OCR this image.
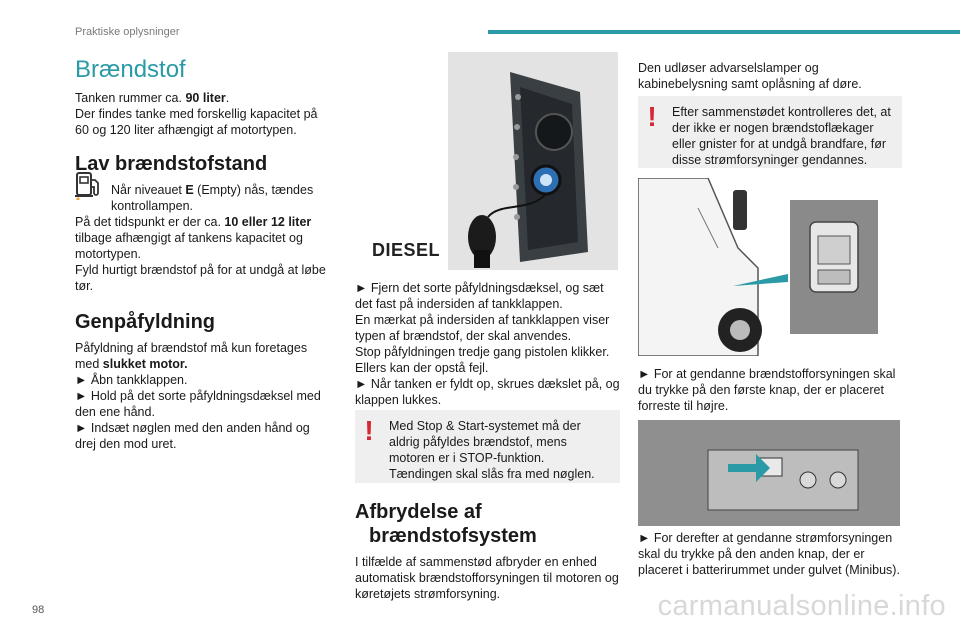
Praktiske oplysninger
98	carmanualsonline.info
Brændstof

Tanken rummer ca. 90 liter.

Der findes tanke med forskellig kapacitet på 60 og 120 liter afhængigt af motortypen.

Lav brændstofstand

Når niveauet E (Empty) nås, tændes kontrollampen.

På det tidspunkt er der ca. 10 eller 12 liter tilbage afhængigt af tankens kapacitet og motortypen.

Fyld hurtigt brændstof på for at undgå at løbe tør.

Genpåfyldning

Påfyldning af brændstof må kun foretages med slukket motor.

► Åbn tankklappen.

► Hold på det sorte påfyldningsdæksel med den ene hånd.

► Indsæt nøglen med den anden hånd og drej den mod uret.

DIESEL

► Fjern det sorte påfyldningsdæksel, og sæt det fast på indersiden af tankklappen.

En mærkat på indersiden af tankklappen viser typen af brændstof, der skal anvendes.

Stop påfyldningen tredje gang pistolen klikker.

Ellers kan der opstå fejl.

► Når tanken er fyldt op, skrues dækslet på, og klappen lukkes.

!	Med Stop & Start-systemet må der aldrig påfyldes brændstof, mens motoren er i STOP-funktion. Tændingen skal slås fra med nøglen.

Afbrydelse af
brændstofsystem

I tilfælde af sammenstød afbryder en enhed automatisk brændstofforsyningen til motoren og køretøjets strømforsyning.

Den udløser advarselslamper og kabinebelysning samt oplåsning af døre.

!	Efter sammenstødet kontrolleres det, at der ikke er nogen brændstoflækager eller gnister for at undgå brandfare, før disse strømforsyninger gendannes.

► For at gendanne brændstofforsyningen skal du trykke på den første knap, der er placeret forreste til højre.

► For derefter at gendanne strømforsyningen skal du trykke på den anden knap, der er placeret i batterirummet under gulvet (Minibus).
